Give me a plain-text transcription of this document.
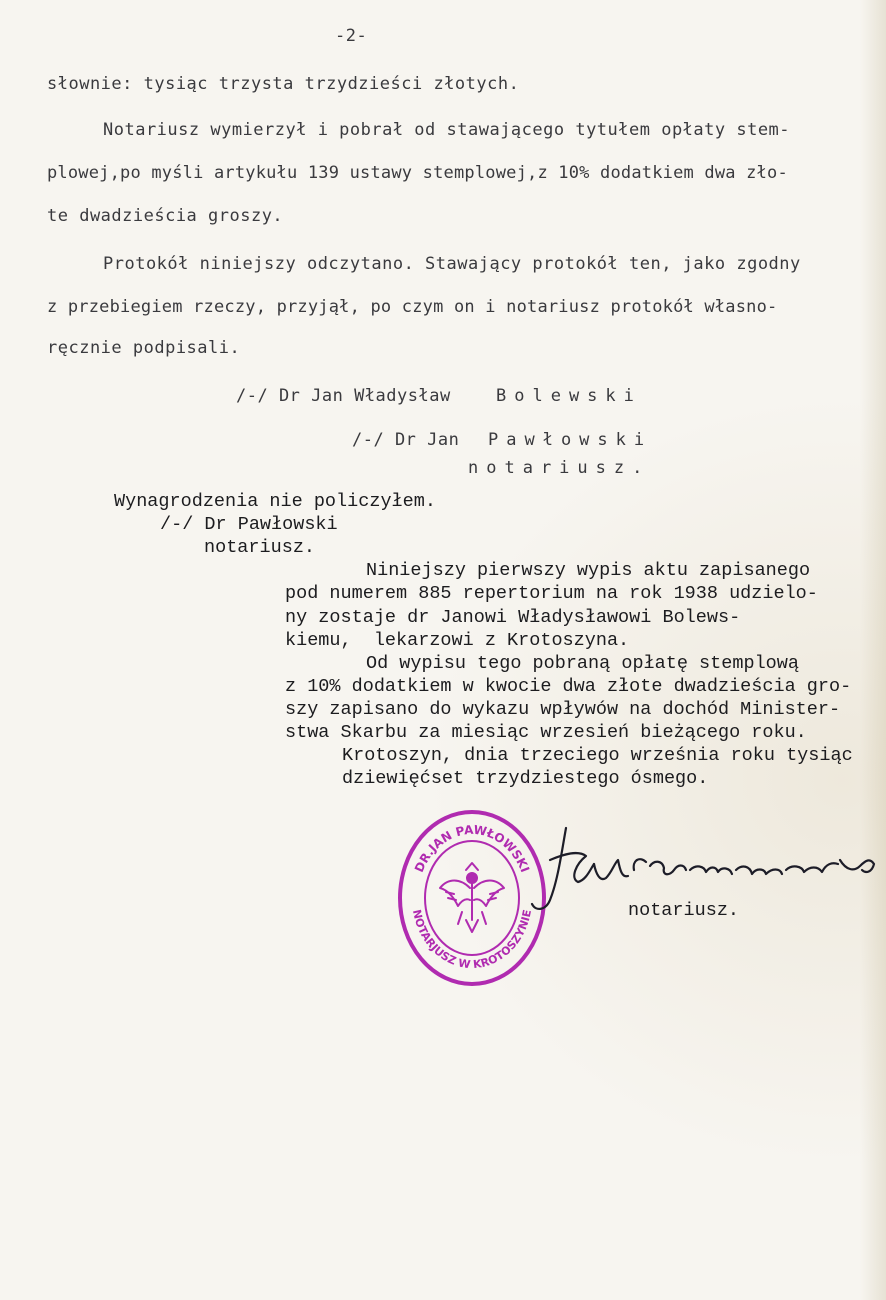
-2-
słownie: tysiąc trzysta trzydzieści złotych.
Notariusz wymierzył i pobrał od stawającego tytułem opłaty stem-
plowej,po myśli artykułu 139 ustawy stemplowej,z 10% dodatkiem dwa zło-
te dwadzieścia groszy.
Protokół niniejszy odczytano. Stawający protokół ten, jako zgodny
z przebiegiem rzeczy, przyjął, po czym on i notariusz protokół własno-
ręcznie podpisali.
/-/ Dr Jan Władysław	Bolewski
/-/ Dr Jan Pawłowski
notariusz.
Wynagrodzenia nie policzyłem.
/-/ Dr Pawłowski
notariusz.
Niniejszy pierwszy wypis aktu zapisanego
pod numerem 885 repertorium na rok 1938 udzielo-
ny zostaje dr Janowi Władysławowi Bolews-
kiemu,  lekarzowi z Krotoszyna.
Od wypisu tego pobraną opłatę stemplową
z 10% dodatkiem w kwocie dwa złote dwadzieścia gro-
szy zapisano do wykazu wpływów na dochód Minister-
stwa Skarbu za miesiąc wrzesień bieżącego roku.
Krotoszyn, dnia trzeciego września roku tysiąc
dziewięćset trzydziestego ósmego.
DR.JAN PAWŁOWSKI
NOTARJUSZ W KROTOSZYNIE	notariusz.
